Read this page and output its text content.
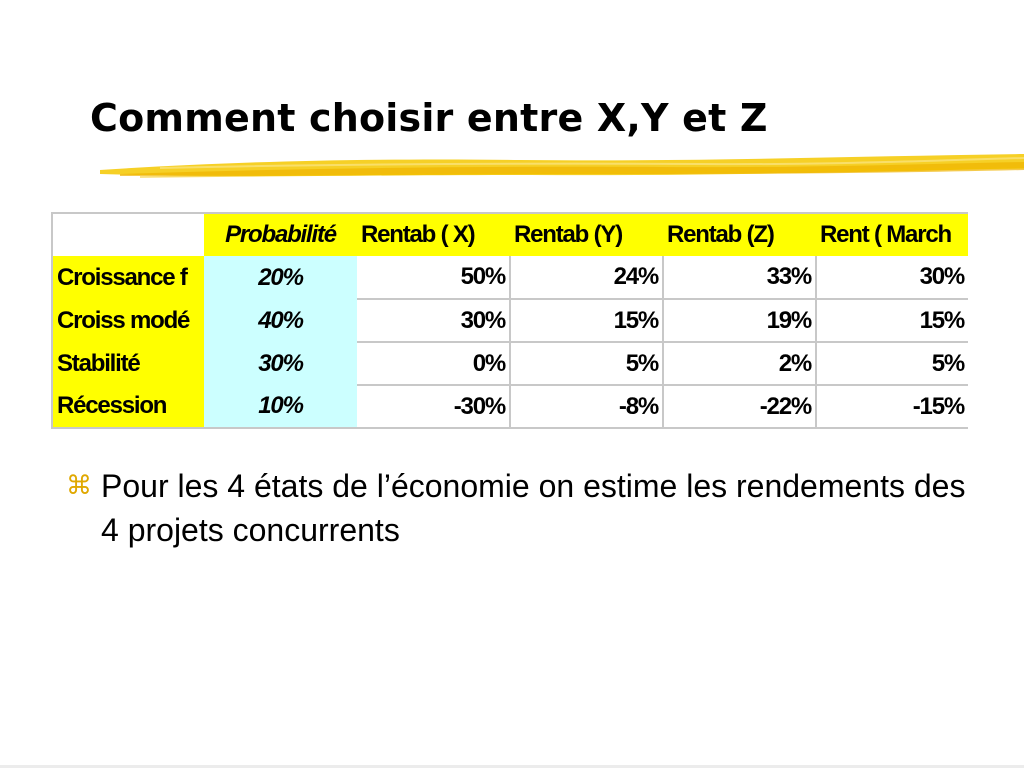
Comment choisir entre X,Y et Z
	Probabilité	Rentab ( X)	Rentab (Y)	Rentab (Z)	Rent ( March
Croissance f	20%	50%	24%	33%	30%
Croiss modé	40%	30%	15%	19%	15%
Stabilité	30%	0%	5%	2%	5%
Récession	10%	-30%	-8%	-22%	-15%

⌘ Pour les 4 états de l’économie on estime les rendements des 4 projets concurrents
